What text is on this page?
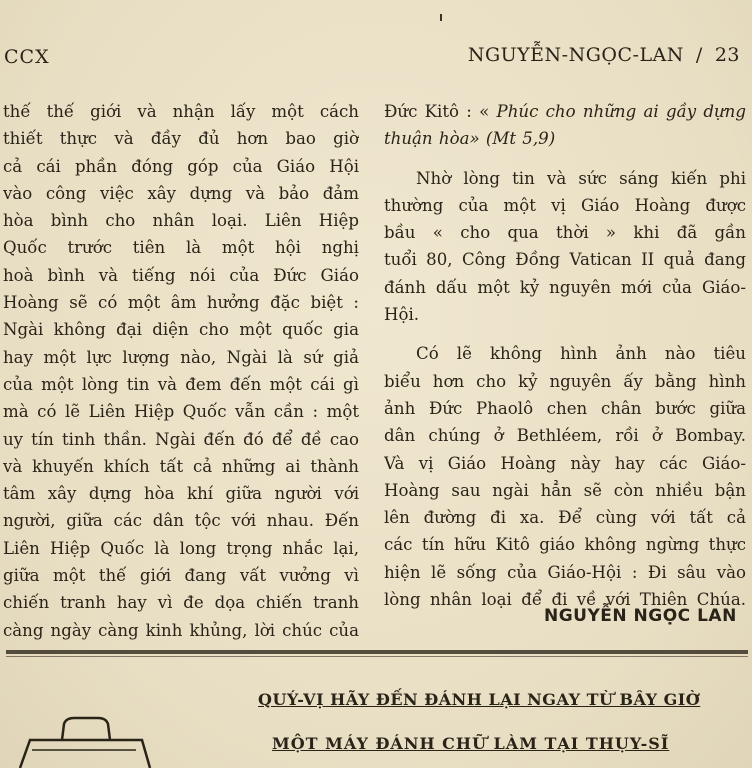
CCX	NGUYỄN-NGỌC-LAN / 23
thế thế giới và nhận lấy một cách
thiết thực và đầy đủ hơn bao giờ
cả cái phần đóng góp của Giáo Hội
vào công việc xây dựng và bảo đảm
hòa bình cho nhân loại. Liên Hiệp
Quốc trước tiên là một hội nghị
hoà bình và tiếng nói của Đức Giáo
Hoàng sẽ có một âm hưởng đặc biệt :
Ngài không đại diện cho một quốc gia
hay một lực lượng nào, Ngài là sứ giả
của một lòng tin và đem đến một cái gì
mà có lẽ Liên Hiệp Quốc vẫn cần : một
uy tín tinh thần. Ngài đến đó để đề cao
và khuyến khích tất cả những ai thành
tâm xây dựng hòa khí giữa người với
người, giữa các dân tộc với nhau. Đến
Liên Hiệp Quốc là long trọng nhắc lại,
giữa một thế giới đang vất vưởng vì
chiến tranh hay vì đe dọa chiến tranh
càng ngày càng kinh khủng, lời chúc của
Đức Kitô : « Phúc cho những ai gầy dựng
thuận hòa» (Mt 5,9)
Nhờ lòng tin và sức sáng kiến phi
thường của một vị Giáo Hoàng được
bầu « cho qua thời » khi đã gần
tuổi 80, Công Đồng Vatican II quả đang
đánh dấu một kỷ nguyên mới của Giáo-
Hội.
Có lẽ không hình ảnh nào tiêu
biểu hơn cho kỷ nguyên ấy bằng hình
ảnh Đức Phaolô chen chân bước giữa
dân chúng ở Bethléem, rồi ở Bombay.
Và vị Giáo Hoàng này hay các Giáo-
Hoàng sau ngài hẳn sẽ còn nhiều bận
lên đường đi xa. Để cùng với tất cả
các tín hữu Kitô giáo không ngừng thực
hiện lẽ sống của Giáo-Hội : Đi sâu vào
lòng nhân loại để đi về với Thiên Chúa.
NGUYỄN NGỌC LAN
QUÝ-VỊ HÃY ĐẾN ĐÁNH LẠI NGAY TỪ BÂY GIỜ
MỘT MÁY ĐÁNH CHỮ LÀM TẠI THỤY-SĨ
